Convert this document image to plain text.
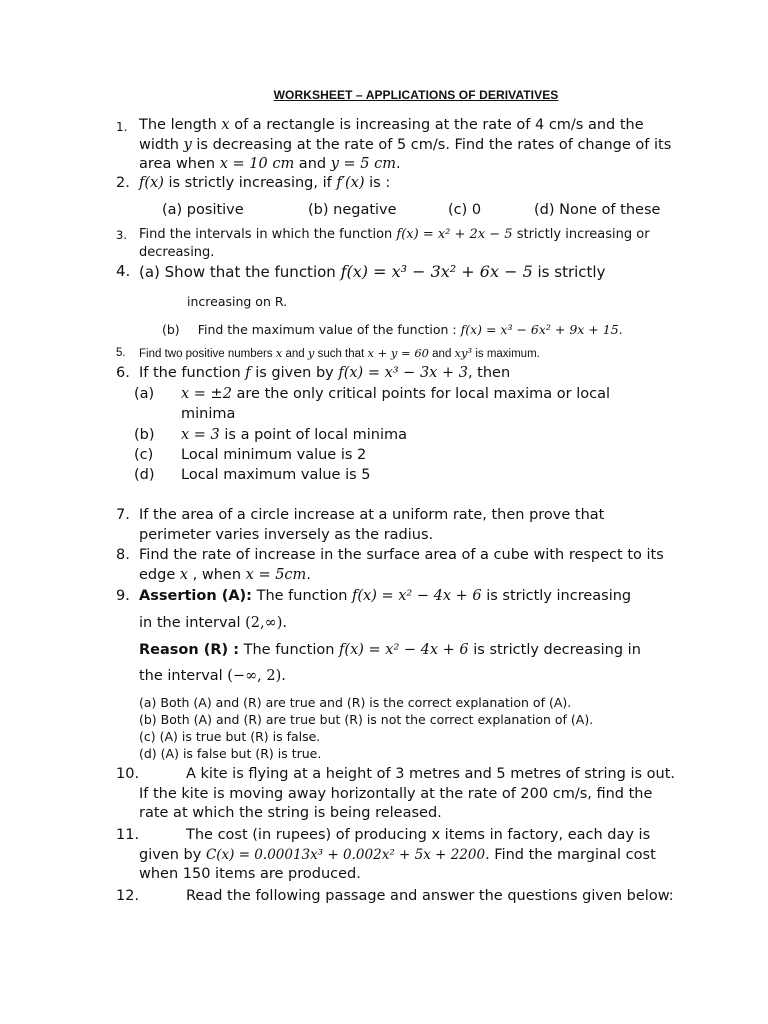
WORKSHEET – APPLICATIONS OF DERIVATIVES
1. The length x of a rectangle is increasing at the rate of 4 cm/s and the width y is decreasing at the rate of 5 cm/s. Find the rates of change of its area when x = 10 cm and y = 5 cm.
2. f(x) is strictly increasing, if f′(x) is :
(a) positive	(b) negative	(c) 0	(d) None of these
3. Find the intervals in which the function f(x) = x² + 2x − 5 strictly increasing or decreasing.
4. (a) Show that the function f(x) = x³ − 3x² + 6x − 5 is strictly
increasing on R.
(b) Find the maximum value of the function : f(x) = x³ − 6x² + 9x + 15.
5. Find two positive numbers x and y such that x + y = 60 and xy³ is maximum.
6. If the function f is given by f(x) = x³ − 3x + 3, then
(a) x = ±2 are the only critical points for local maxima or local minima
(b) x = 3 is a point of local minima
(c) Local minimum value is 2
(d) Local maximum value is 5
7. If the area of a circle increase at a uniform rate, then prove that perimeter varies inversely as the radius.
8. Find the rate of increase in the surface area of a cube with respect to its edge x , when x = 5cm.
9. Assertion (A): The function f(x) = x² − 4x + 6 is strictly increasing
in the interval (2,∞).
Reason (R) : The function f(x) = x² − 4x + 6 is strictly decreasing in
the interval (−∞, 2).
(a) Both (A) and (R) are true and (R) is the correct explanation of (A).
(b) Both (A) and (R) are true but (R) is not the correct explanation of (A).
(c) (A) is true but (R) is false.
(d) (A) is false but (R) is true.
10.	A kite is flying at a height of 3 metres and 5 metres of string is out. If the kite is moving away horizontally at the rate of 200 cm/s, find the rate at which the string is being released.
11.	The cost (in rupees) of producing x items in factory, each day is given by C(x) = 0.00013x³ + 0.002x² + 5x + 2200. Find the marginal cost when 150 items are produced.
12.	Read the following passage and answer the questions given below:
